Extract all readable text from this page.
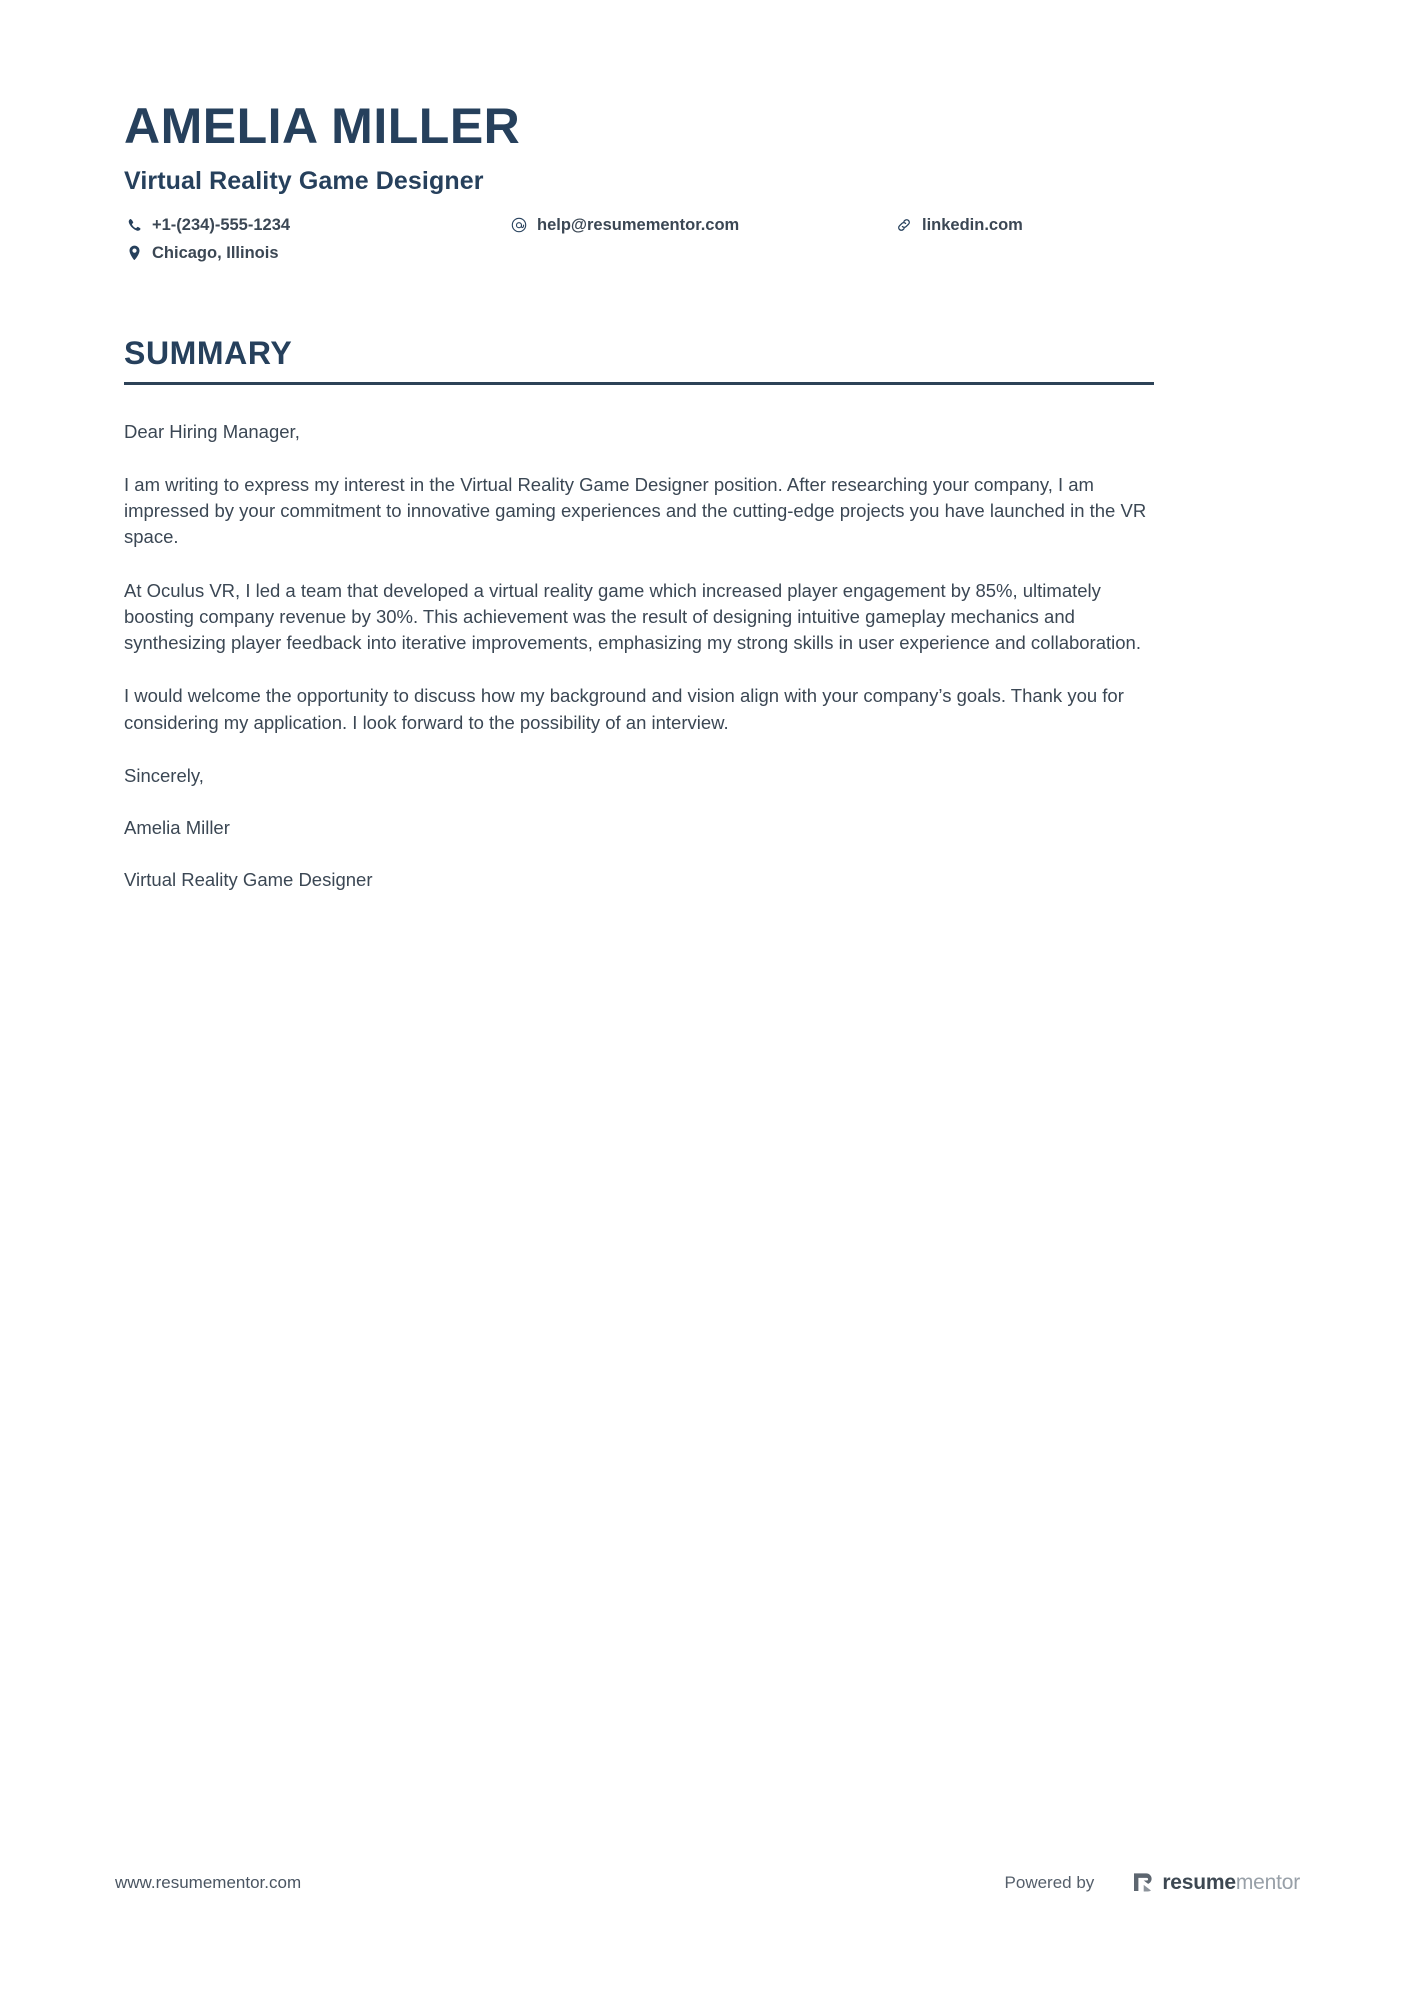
AMELIA MILLER
Virtual Reality Game Designer
+1-(234)-555-1234	help@resumementor.com	linkedin.com
Chicago, Illinois
SUMMARY

Dear Hiring Manager,

I am writing to express my interest in the Virtual Reality Game Designer position. After researching your company, I am impressed by your commitment to innovative gaming experiences and the cutting-edge projects you have launched in the VR space.

At Oculus VR, I led a team that developed a virtual reality game which increased player engagement by 85%, ultimately boosting company revenue by 30%. This achievement was the result of designing intuitive gameplay mechanics and synthesizing player feedback into iterative improvements, emphasizing my strong skills in user experience and collaboration.

I would welcome the opportunity to discuss how my background and vision align with your company’s goals. Thank you for considering my application. I look forward to the possibility of an interview.

Sincerely,

Amelia Miller

Virtual Reality Game Designer

www.resumementor.com	Powered by	resumementor
